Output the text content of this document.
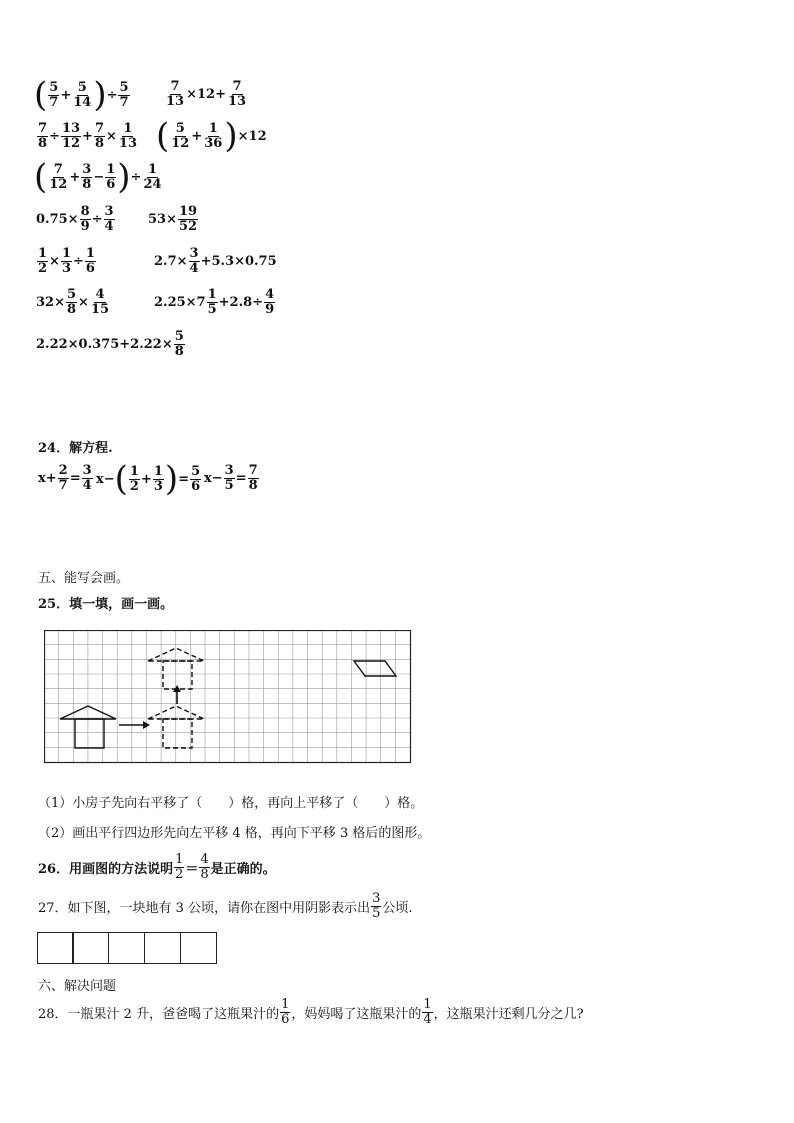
( $\frac{5}{7} + \frac{5}{14}$ ) ÷ $\frac{5}{7}$	$\frac{7}{13} \times 12+ \frac{7}{13}$
$\frac{7}{8} \div \frac{13}{12} + \frac{7}{8} \times \frac{1}{13}$ ( $\frac{5}{12} + \frac{1}{36}$ ) ×12
( $\frac{7}{12} + \frac{3}{8} - \frac{1}{6}$ ) ÷ $\frac{1}{24}$
$0.75\times \frac{8}{9} \div \frac{3}{4}$	$53\times \frac{19}{52}$
$\frac{1}{2} \times \frac{1}{3} \div \frac{1}{6}$	$2.7\times \frac{3}{4} +5.3\times 0.75$
$32\times \frac{5}{8} \times \frac{4}{15}$	$2.25\times 7 \frac{1}{5} +2.8\div \frac{4}{9}$
$2.22\times 0.375+2.22\times \frac{5}{8}$
24．解方程.
$x+ \frac{2}{7} = \frac{3}{4} x-$ ( $\frac{1}{2} + \frac{1}{3}$ ) = $\frac{5}{6} x- \frac{3}{5} = \frac{7}{8}$
五、能写会画。
25．填一填，画一画。
（1）小房子先向右平移了（　　）格，再向上平移了（　　）格。
（2）画出平行四边形先向左平移 4 格，再向下平移 3 格后的图形。
26．用画图的方法说明 $\frac{1}{2} = \frac{4}{8}$ 是正确的。
27．如下图，一块地有 3 公顷，请你在图中用阴影表示出 $\frac{3}{5}$ 公顷.
六、解决问题
28．一瓶果汁 2 升，爸爸喝了这瓶果汁的 $\frac{1}{6}$ ，妈妈喝了这瓶果汁的 $\frac{1}{4}$ ，这瓶果汁还剩几分之几?
